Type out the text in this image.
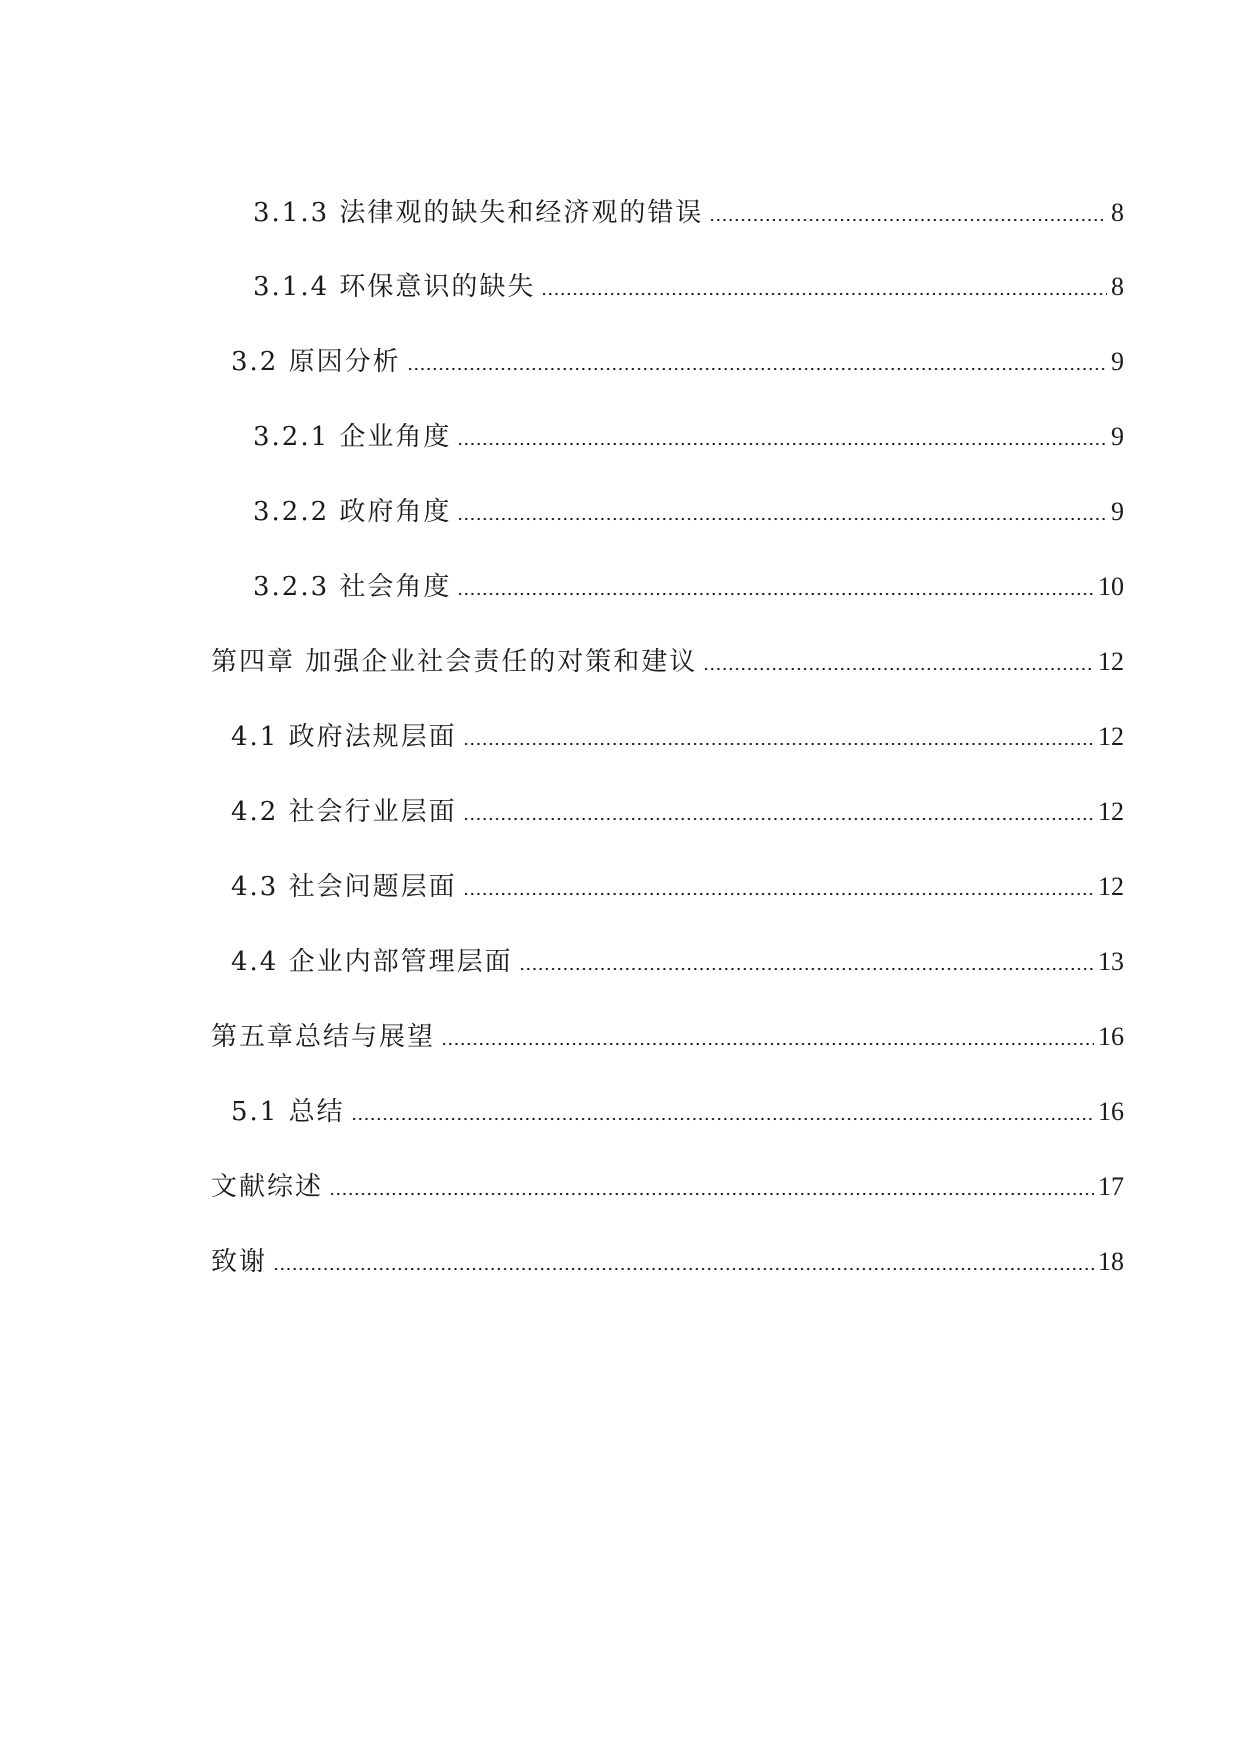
3.1.3 法律观的缺失和经济观的错误	8
3.1.4 环保意识的缺失	8
3.2 原因分析	9
3.2.1 企业角度	9
3.2.2 政府角度	9
3.2.3 社会角度	10
第四章 加强企业社会责任的对策和建议	12
4.1 政府法规层面	12
4.2 社会行业层面	12
4.3 社会问题层面	12
4.4 企业内部管理层面	13
第五章总结与展望	16
5.1 总结	16
文献综述	17
致谢	18
